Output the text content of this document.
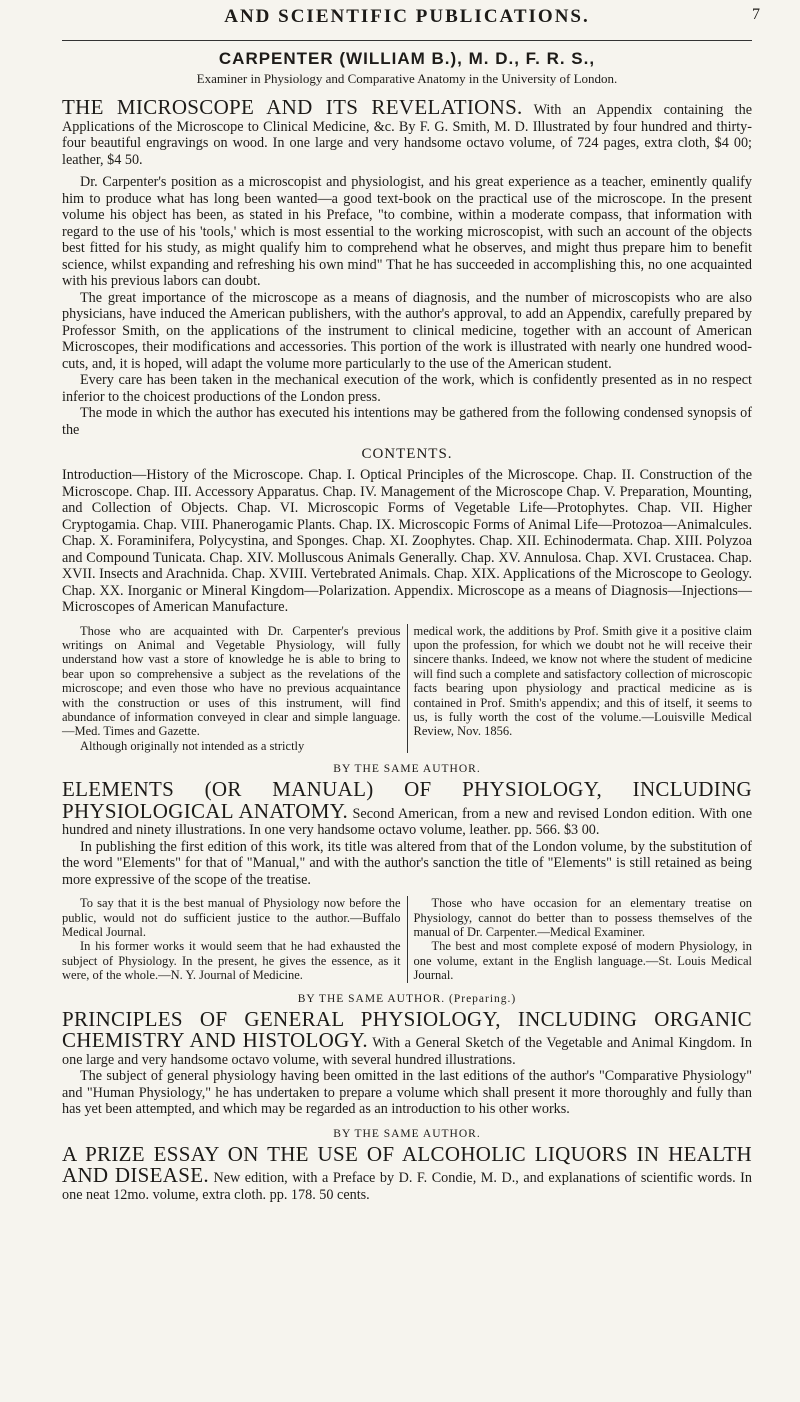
AND SCIENTIFIC PUBLICATIONS.	7
CARPENTER (WILLIAM B.), M. D., F. R. S.,
Examiner in Physiology and Comparative Anatomy in the University of London.
THE MICROSCOPE AND ITS REVELATIONS. With an Appendix containing the Applications of the Microscope to Clinical Medicine, &c. By F. G. Smith, M. D. Illustrated by four hundred and thirty-four beautiful engravings on wood. In one large and very handsome octavo volume, of 724 pages, extra cloth, $4 00; leather, $4 50.

Dr. Carpenter's position as a microscopist and physiologist, and his great experience as a teacher, eminently qualify him to produce what has long been wanted—a good text-book on the practical use of the microscope. In the present volume his object has been, as stated in his Preface, "to combine, within a moderate compass, that information with regard to the use of his 'tools,' which is most essential to the working microscopist, with such an account of the objects best fitted for his study, as might qualify him to comprehend what he observes, and might thus prepare him to benefit science, whilst expanding and refreshing his own mind" That he has succeeded in accomplishing this, no one acquainted with his previous labors can doubt.

The great importance of the microscope as a means of diagnosis, and the number of microscopists who are also physicians, have induced the American publishers, with the author's approval, to add an Appendix, carefully prepared by Professor Smith, on the applications of the instrument to clinical medicine, together with an account of American Microscopes, their modifications and accessories. This portion of the work is illustrated with nearly one hundred wood-cuts, and, it is hoped, will adapt the volume more particularly to the use of the American student.

Every care has been taken in the mechanical execution of the work, which is confidently presented as in no respect inferior to the choicest productions of the London press.

The mode in which the author has executed his intentions may be gathered from the following condensed synopsis of the

CONTENTS.
Introduction—History of the Microscope. Chap. I. Optical Principles of the Microscope. Chap. II. Construction of the Microscope. Chap. III. Accessory Apparatus. Chap. IV. Management of the Microscope Chap. V. Preparation, Mounting, and Collection of Objects. Chap. VI. Microscopic Forms of Vegetable Life—Protophytes. Chap. VII. Higher Cryptogamia. Chap. VIII. Phanerogamic Plants. Chap. IX. Microscopic Forms of Animal Life—Protozoa—Animalcules. Chap. X. Foraminifera, Polycystina, and Sponges. Chap. XI. Zoophytes. Chap. XII. Echinodermata. Chap. XIII. Polyzoa and Compound Tunicata. Chap. XIV. Molluscous Animals Generally. Chap. XV. Annulosa. Chap. XVI. Crustacea. Chap. XVII. Insects and Arachnida. Chap. XVIII. Vertebrated Animals. Chap. XIX. Applications of the Microscope to Geology. Chap. XX. Inorganic or Mineral Kingdom—Polarization. Appendix. Microscope as a means of Diagnosis—Injections—Microscopes of American Manufacture.

Those who are acquainted with Dr. Carpenter's previous writings on Animal and Vegetable Physiology, will fully understand how vast a store of knowledge he is able to bring to bear upon so comprehensive a subject as the revelations of the microscope; and even those who have no previous acquaintance with the construction or uses of this instrument, will find abundance of information conveyed in clear and simple language.—Med. Times and Gazette.

Although originally not intended as a strictly

medical work, the additions by Prof. Smith give it a positive claim upon the profession, for which we doubt not he will receive their sincere thanks. Indeed, we know not where the student of medicine will find such a complete and satisfactory collection of microscopic facts bearing upon physiology and practical medicine as is contained in Prof. Smith's appendix; and this of itself, it seems to us, is fully worth the cost of the volume.—Louisville Medical Review, Nov. 1856.
BY THE SAME AUTHOR.
ELEMENTS (OR MANUAL) OF PHYSIOLOGY, INCLUDING PHYSIOLOGICAL ANATOMY. Second American, from a new and revised London edition. With one hundred and ninety illustrations. In one very handsome octavo volume, leather. pp. 566. $3 00.

In publishing the first edition of this work, its title was altered from that of the London volume, by the substitution of the word "Elements" for that of "Manual," and with the author's sanction the title of "Elements" is still retained as being more expressive of the scope of the treatise.

To say that it is the best manual of Physiology now before the public, would not do sufficient justice to the author.—Buffalo Medical Journal.

In his former works it would seem that he had exhausted the subject of Physiology. In the present, he gives the essence, as it were, of the whole.—N. Y. Journal of Medicine.

Those who have occasion for an elementary treatise on Physiology, cannot do better than to possess themselves of the manual of Dr. Carpenter.—Medical Examiner.

The best and most complete exposé of modern Physiology, in one volume, extant in the English language.—St. Louis Medical Journal.

BY THE SAME AUTHOR. (Preparing.)
PRINCIPLES OF GENERAL PHYSIOLOGY, INCLUDING ORGANIC CHEMISTRY AND HISTOLOGY. With a General Sketch of the Vegetable and Animal Kingdom. In one large and very handsome octavo volume, with several hundred illustrations.

The subject of general physiology having been omitted in the last editions of the author's "Comparative Physiology" and "Human Physiology," he has undertaken to prepare a volume which shall present it more thoroughly and fully than has yet been attempted, and which may be regarded as an introduction to his other works.

BY THE SAME AUTHOR.
A PRIZE ESSAY ON THE USE OF ALCOHOLIC LIQUORS IN HEALTH AND DISEASE. New edition, with a Preface by D. F. Condie, M. D., and explanations of scientific words. In one neat 12mo. volume, extra cloth. pp. 178. 50 cents.
